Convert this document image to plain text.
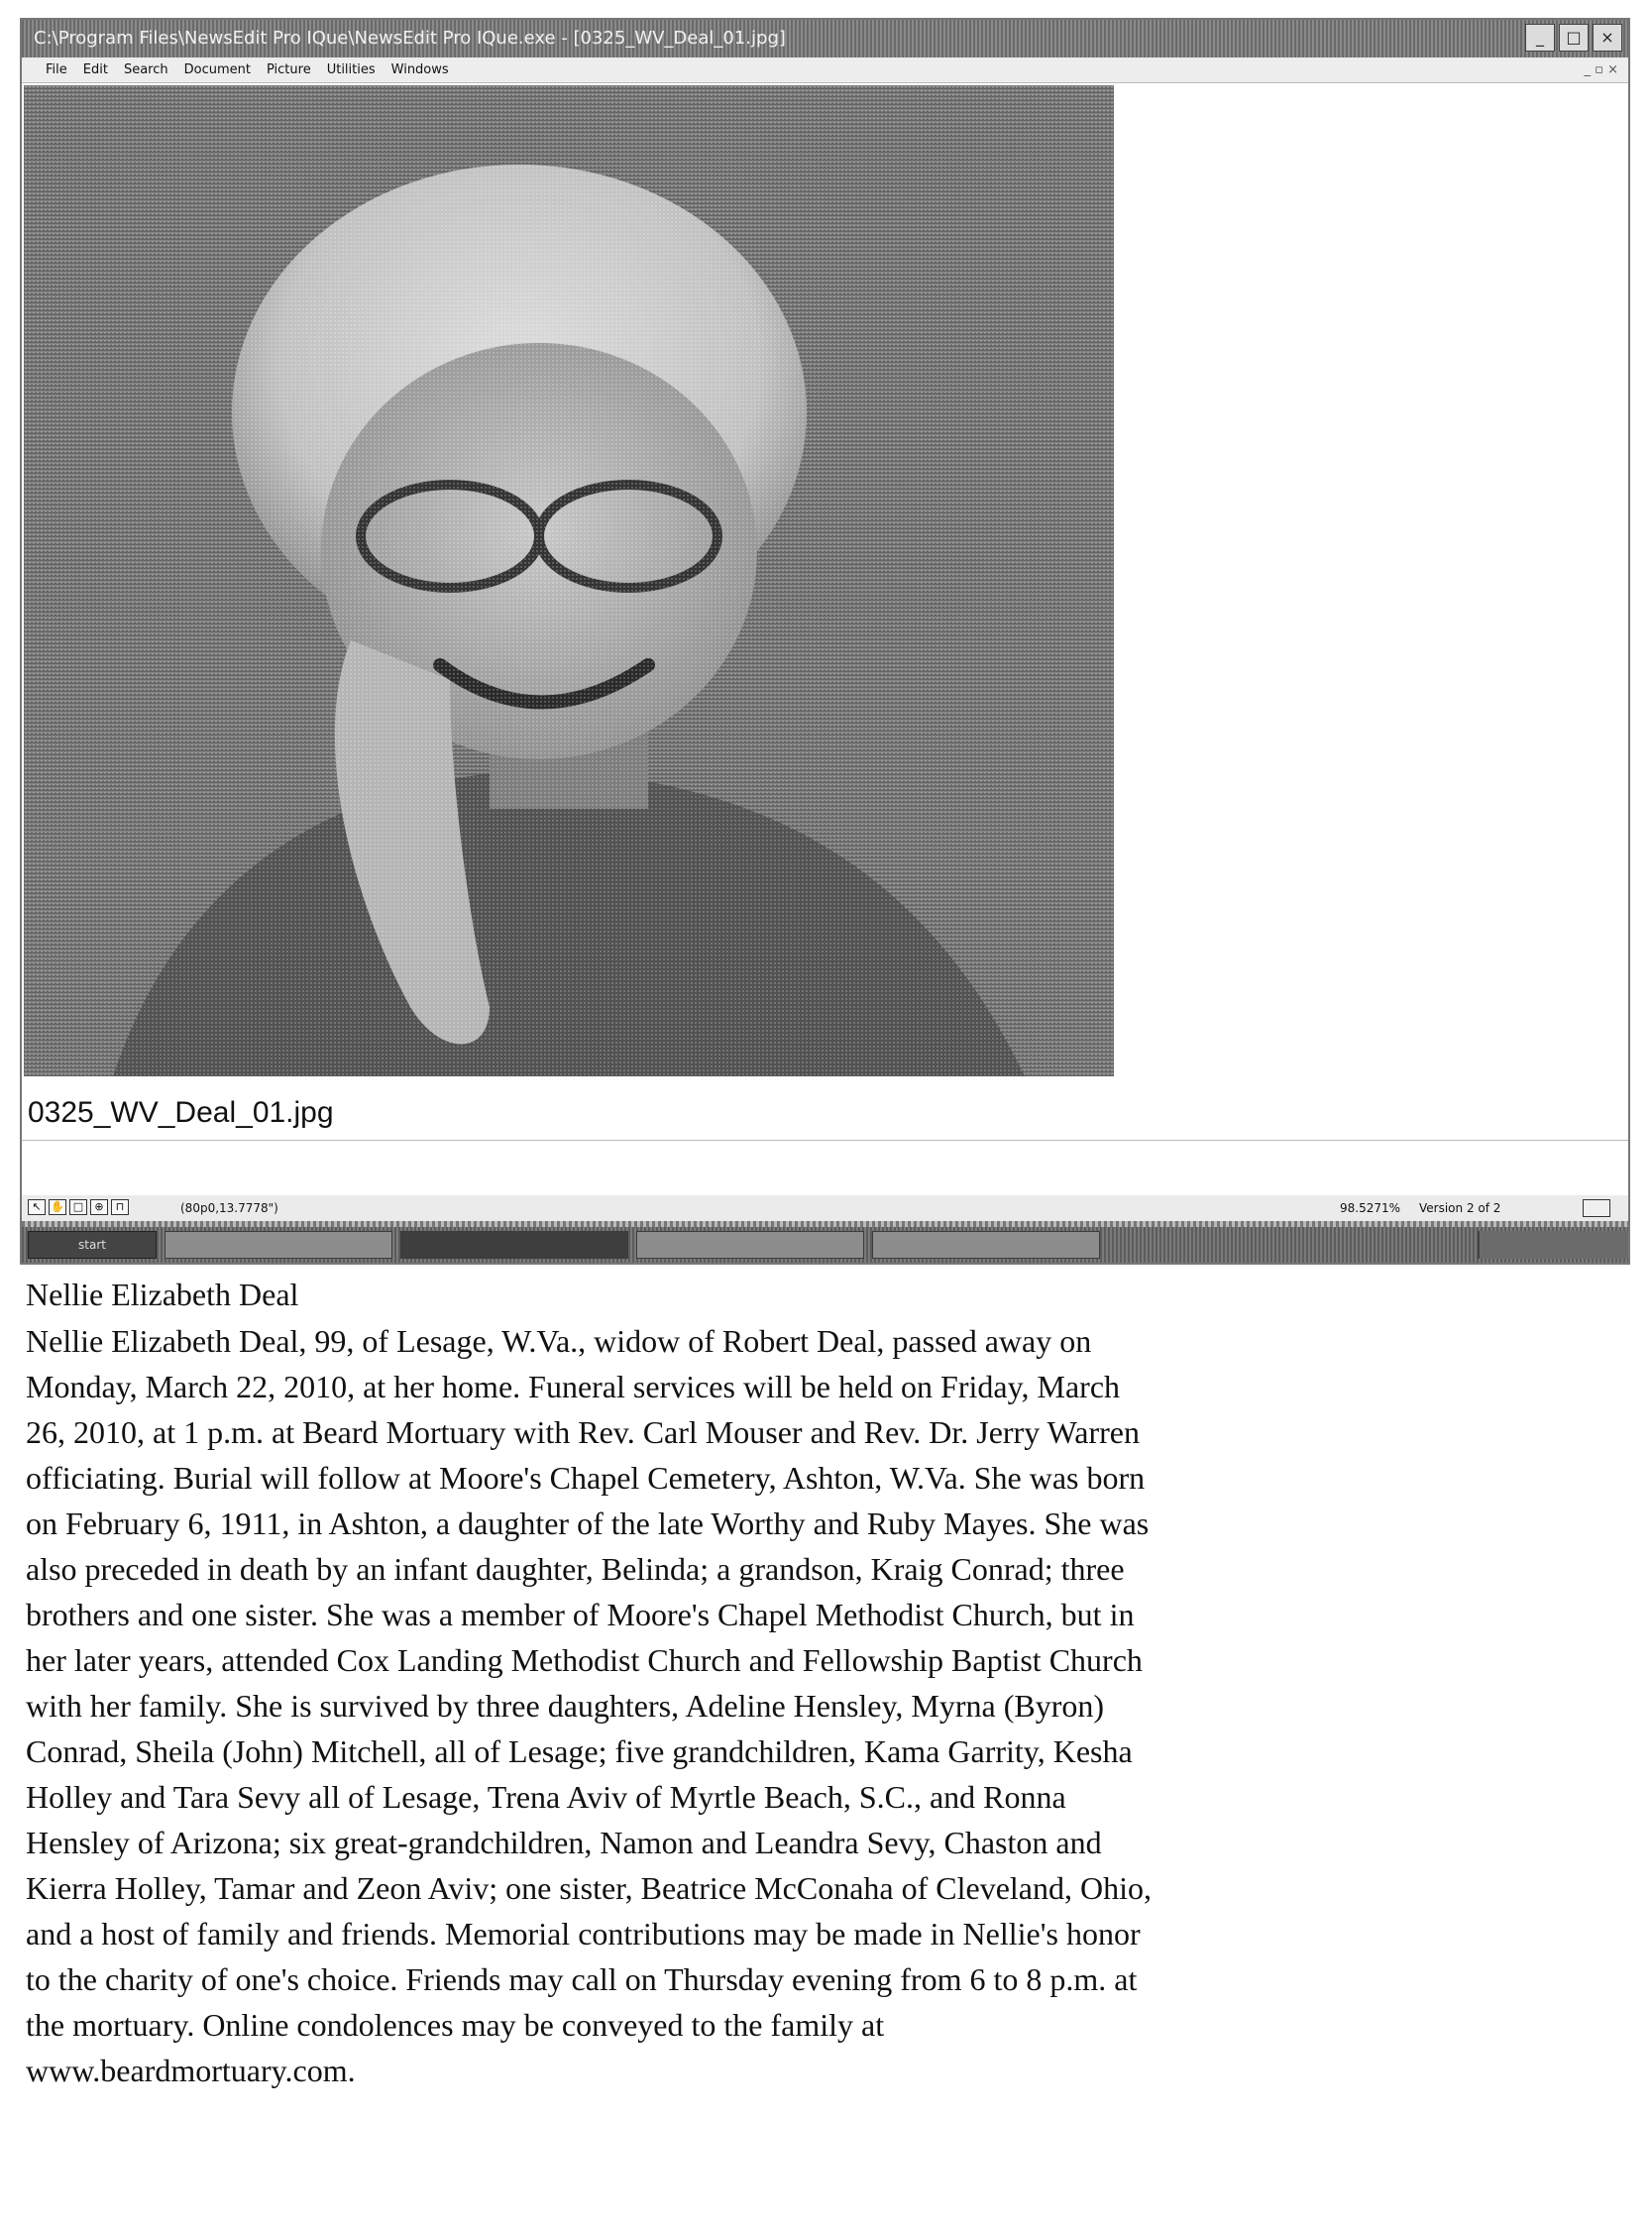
C:\Program Files\NewsEdit Pro IQue\NewsEdit Pro IQue.exe - [0325_WV_Deal_01.jpg]	_	□	×
File Edit Search Document Picture Utilities Windows	_ ▫ ×
0325_WV_Deal_01.jpg
↖ ✋ □	⊕	⊓	(80p0,13.7778")	98.5271% Version 2 of 2
start
Nellie Elizabeth Deal
Nellie Elizabeth Deal, 99, of Lesage, W.Va., widow of Robert Deal, passed away on
Monday, March 22, 2010, at her home. Funeral services will be held on Friday, March
26, 2010, at 1 p.m. at Beard Mortuary with Rev. Carl Mouser and Rev. Dr. Jerry Warren
officiating. Burial will follow at Moore's Chapel Cemetery, Ashton, W.Va. She was born
on February 6, 1911, in Ashton, a daughter of the late Worthy and Ruby Mayes. She was
also preceded in death by an infant daughter, Belinda; a grandson, Kraig Conrad; three
brothers and one sister. She was a member of Moore's Chapel Methodist Church, but in
her later years, attended Cox Landing Methodist Church and Fellowship Baptist Church
with her family. She is survived by three daughters, Adeline Hensley, Myrna (Byron)
Conrad, Sheila (John) Mitchell, all of Lesage; five grandchildren, Kama Garrity, Kesha
Holley and Tara Sevy all of Lesage, Trena Aviv of Myrtle Beach, S.C., and Ronna
Hensley of Arizona; six great-grandchildren, Namon and Leandra Sevy, Chaston and
Kierra Holley, Tamar and Zeon Aviv; one sister, Beatrice McConaha of Cleveland, Ohio,
and a host of family and friends. Memorial contributions may be made in Nellie's honor
to the charity of one's choice. Friends may call on Thursday evening from 6 to 8 p.m. at
the mortuary. Online condolences may be conveyed to the family at
www.beardmortuary.com.
